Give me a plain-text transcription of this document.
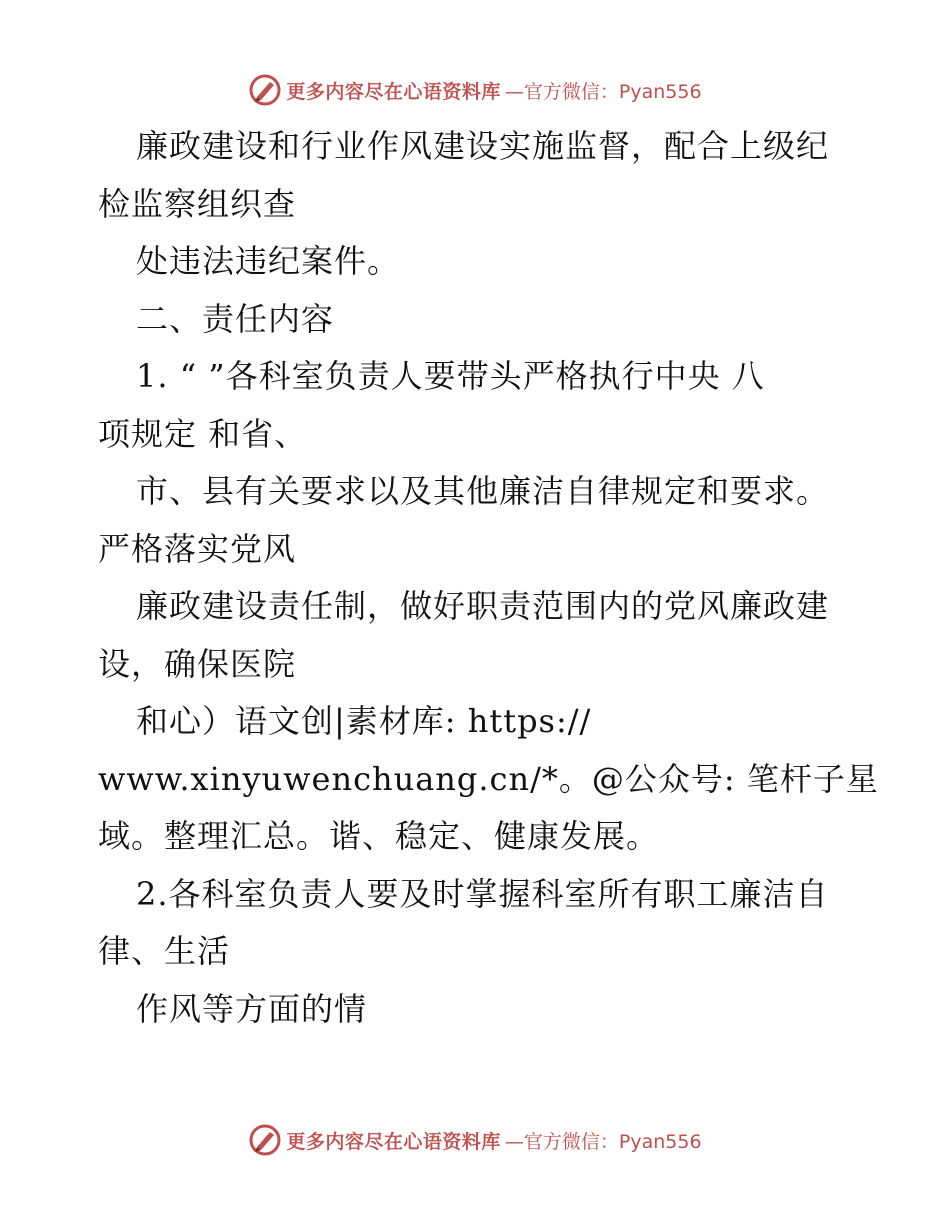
更多内容尽在心语资料库 —官方微信：Pyan556
廉政建设和行业作风建设实施监督，配合上级纪
检监察组织查
处违法违纪案件。
二、责任内容
1. “ ”各科室负责人要带头严格执行中央 八
项规定 和省、
市、县有关要求以及其他廉洁自律规定和要求。
严格落实党风
廉政建设责任制，做好职责范围内的党风廉政建
设，确保医院
和心）语文创|素材库: https://
www.xinyuwenchuang.cn/*。@公众号: 笔杆子星
域。整理汇总。谐、稳定、健康发展。
2.各科室负责人要及时掌握科室所有职工廉洁自
律、生活
作风等方面的情
更多内容尽在心语资料库 —官方微信：Pyan556
